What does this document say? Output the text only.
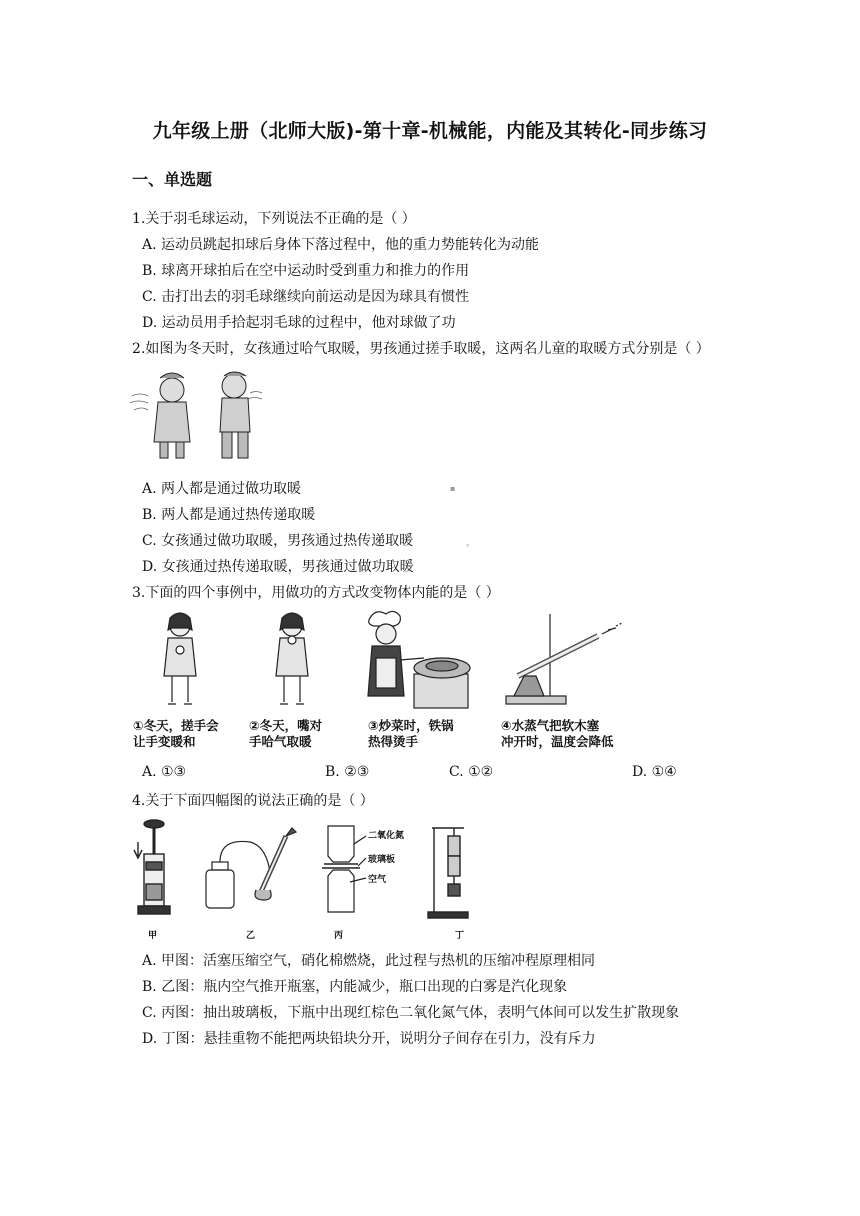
九年级上册（北师大版)-第十章-机械能，内能及其转化-同步练习
一、单选题
1.关于羽毛球运动，下列说法不正确的是（ ）
A. 运动员跳起扣球后身体下落过程中，他的重力势能转化为动能
B. 球离开球拍后在空中运动时受到重力和推力的作用
C. 击打出去的羽毛球继续向前运动是因为球具有惯性
D. 运动员用手拾起羽毛球的过程中，他对球做了功
2.如图为冬天时，女孩通过哈气取暖，男孩通过搓手取暖，这两名儿童的取暖方式分别是（ ）
A. 两人都是通过做功取暖
B. 两人都是通过热传递取暖
C. 女孩通过做功取暖，男孩通过热传递取暖
D. 女孩通过热传递取暖，男孩通过做功取暖
▪
。
3.下面的四个事例中，用做功的方式改变物体内能的是（ ）
①冬天，搓手会
让手变暖和
②冬天，嘴对
手哈气取暖
③炒菜时，铁锅
热得烫手
④水蒸气把软木塞
冲开时，温度会降低
A. ①③	B. ②③	C. ①②	D. ①④
4.关于下面四幅图的说法正确的是（ ）
甲	乙
二氧化氮
玻璃板
空气
丙	丁
A. 甲图：活塞压缩空气，硝化棉燃烧，此过程与热机的压缩冲程原理相同
B. 乙图：瓶内空气推开瓶塞，内能减少，瓶口出现的白雾是汽化现象
C. 丙图：抽出玻璃板，下瓶中出现红棕色二氧化氮气体，表明气体间可以发生扩散现象
D. 丁图：悬挂重物不能把两块铅块分开，说明分子间存在引力，没有斥力
